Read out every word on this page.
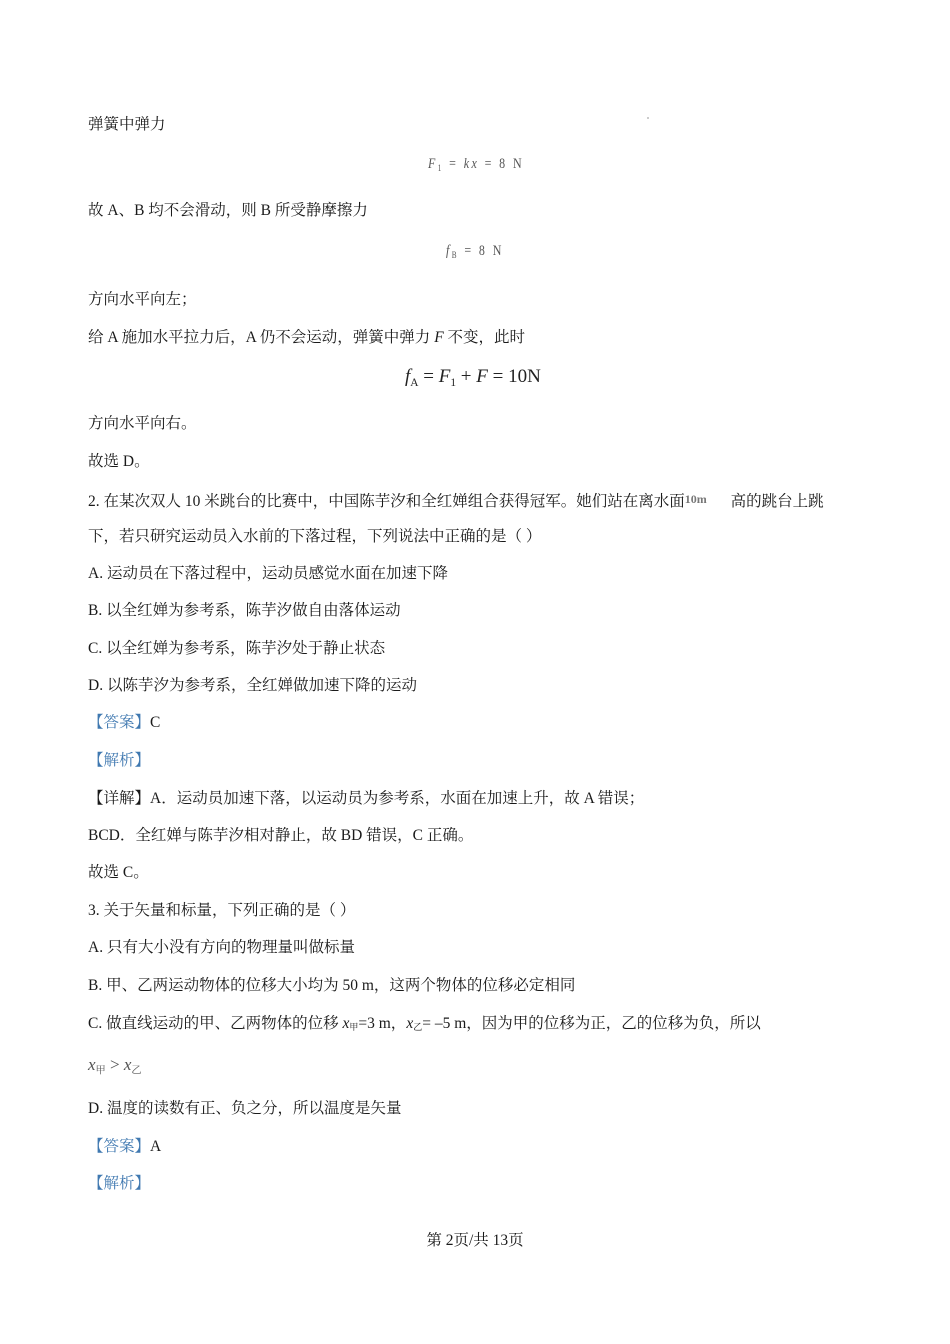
弹簧中弹力
$F_1$ = kx = 8 N
故 A、B 均不会滑动，则 B 所受静摩擦力
$f_B = 8$ N
方向水平向左；
给 A 施加水平拉力后，A 仍不会运动，弹簧中弹力 F 不变，此时
$f_A = F_1 + F = 10N$
方向水平向右。
故选 D。
2. 在某次双人 10 米跳台的比赛中，中国陈芋汐和全红婵组合获得冠军。她们站在离水面10m 高的跳台上跳
下，若只研究运动员入水前的下落过程，下列说法中正确的是（ ）
A. 运动员在下落过程中，运动员感觉水面在加速下降
B. 以全红婵为参考系，陈芋汐做自由落体运动
C. 以全红婵为参考系，陈芋汐处于静止状态
D. 以陈芋汐为参考系，全红婵做加速下降的运动
【答案】C
【解析】
【详解】A．运动员加速下落，以运动员为参考系，水面在加速上升，故 A 错误；
BCD．全红婵与陈芋汐相对静止，故 BD 错误，C 正确。
故选 C。
3. 关于矢量和标量，下列正确的是（ ）
A. 只有大小没有方向的物理量叫做标量
B. 甲、乙两运动物体的位移大小均为 50 m，这两个物体的位移必定相同
C. 做直线运动的甲、乙两物体的位移 x甲=3 m，x乙= –5 m，因为甲的位移为正，乙的位移为负，所以
$x_甲 > x_乙$
D. 温度的读数有正、负之分，所以温度是矢量
【答案】A
【解析】
第 2页/共 13页
